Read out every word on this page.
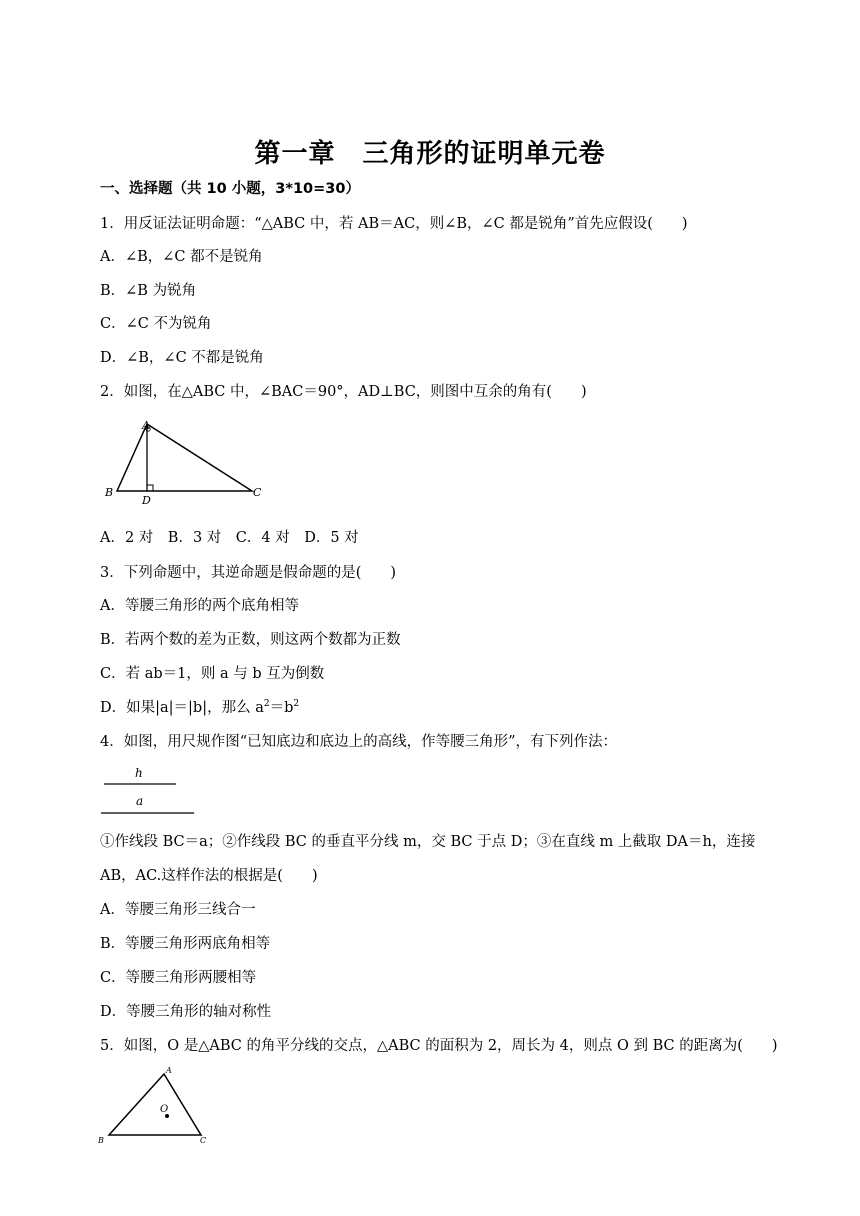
第一章　三角形的证明单元卷
一、选择题（共 10 小题，3*10=30）
1．用反证法证明命题：“△ABC 中，若 AB＝AC，则∠B，∠C 都是锐角”首先应假设(　　)
A．∠B，∠C 都不是锐角
B．∠B 为锐角
C．∠C 不为锐角
D．∠B，∠C 不都是锐角
2．如图，在△ABC 中，∠BAC＝90°，AD⊥BC，则图中互余的角有(　　)
A
B
D
C
A．2 对　B．3 对　C．4 对　D．5 对
3．下列命题中，其逆命题是假命题的是(　　)
A．等腰三角形的两个底角相等
B．若两个数的差为正数，则这两个数都为正数
C．若 ab＝1，则 a 与 b 互为倒数
D．如果|a|＝|b|，那么 $a^2=b^2$
4．如图，用尺规作图“已知底边和底边上的高线，作等腰三角形”，有下列作法：
h
a
①作线段 BC＝a；②作线段 BC 的垂直平分线 m，交 BC 于点 D；③在直线 m 上截取 DA＝h，连接
AB，AC.这样作法的根据是(　　)
A．等腰三角形三线合一
B．等腰三角形两底角相等
C．等腰三角形两腰相等
D．等腰三角形的轴对称性
5．如图，O 是△ABC 的角平分线的交点，△ABC 的面积为 2，周长为 4，则点 O 到 BC 的距离为(　　)
A
B	C
O
